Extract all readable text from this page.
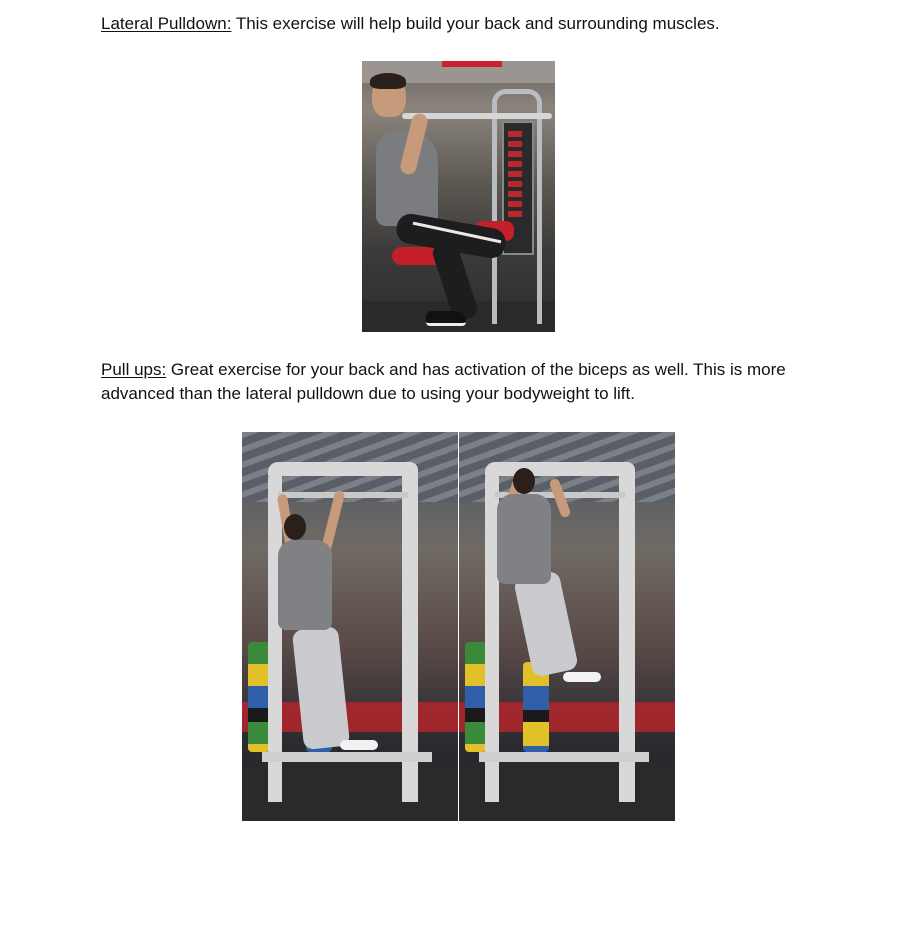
Lateral Pulldown: This exercise will help build your back and surrounding muscles.

Pull ups: Great exercise for your back and has activation of the biceps as well. This is more advanced than the lateral pulldown due to using your bodyweight to lift.
